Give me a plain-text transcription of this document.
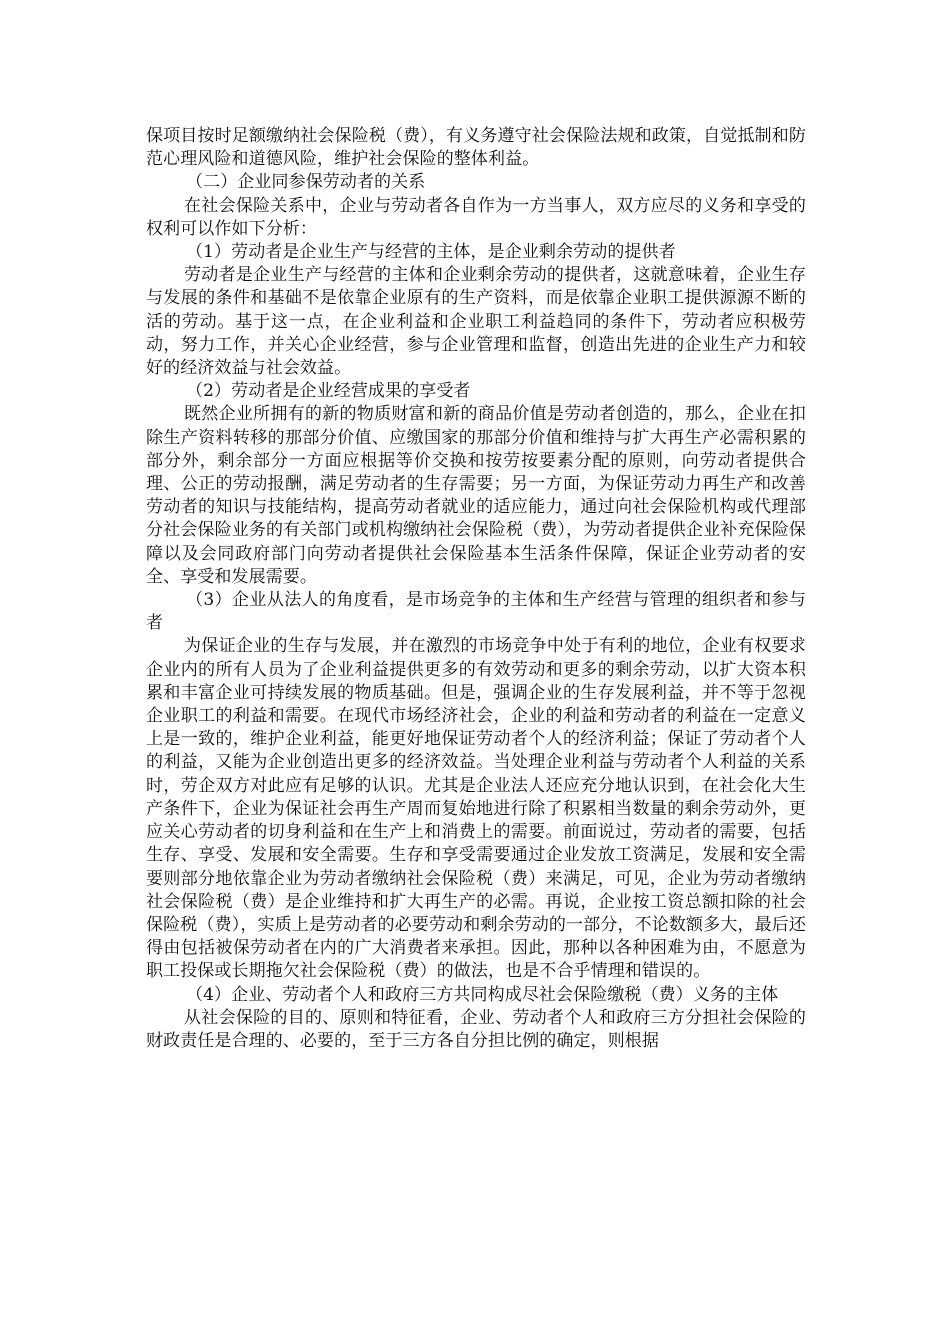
保项目按时足额缴纳社会保险税（费），有义务遵守社会保险法规和政策，自觉抵制和防范心理风险和道德风险，维护社会保险的整体利益。

（二）企业同参保劳动者的关系

在社会保险关系中，企业与劳动者各自作为一方当事人，双方应尽的义务和享受的权利可以作如下分析：

（1）劳动者是企业生产与经营的主体，是企业剩余劳动的提供者

劳动者是企业生产与经营的主体和企业剩余劳动的提供者，这就意味着，企业生存与发展的条件和基础不是依靠企业原有的生产资料，而是依靠企业职工提供源源不断的活的劳动。基于这一点，在企业利益和企业职工利益趋同的条件下，劳动者应积极劳动，努力工作，并关心企业经营，参与企业管理和监督，创造出先进的企业生产力和较好的经济效益与社会效益。

（2）劳动者是企业经营成果的享受者

既然企业所拥有的新的物质财富和新的商品价值是劳动者创造的，那么，企业在扣除生产资料转移的那部分价值、应缴国家的那部分价值和维持与扩大再生产必需积累的部分外，剩余部分一方面应根据等价交换和按劳按要素分配的原则，向劳动者提供合理、公正的劳动报酬，满足劳动者的生存需要；另一方面，为保证劳动力再生产和改善劳动者的知识与技能结构，提高劳动者就业的适应能力，通过向社会保险机构或代理部分社会保险业务的有关部门或机构缴纳社会保险税（费），为劳动者提供企业补充保险保障以及会同政府部门向劳动者提供社会保险基本生活条件保障，保证企业劳动者的安全、享受和发展需要。

（3）企业从法人的角度看，是市场竞争的主体和生产经营与管理的组织者和参与者

为保证企业的生存与发展，并在激烈的市场竞争中处于有利的地位，企业有权要求企业内的所有人员为了企业利益提供更多的有效劳动和更多的剩余劳动，以扩大资本积累和丰富企业可持续发展的物质基础。但是，强调企业的生存发展利益，并不等于忽视企业职工的利益和需要。在现代市场经济社会，企业的利益和劳动者的利益在一定意义上是一致的，维护企业利益，能更好地保证劳动者个人的经济利益；保证了劳动者个人的利益，又能为企业创造出更多的经济效益。当处理企业利益与劳动者个人利益的关系时，劳企双方对此应有足够的认识。尤其是企业法人还应充分地认识到，在社会化大生产条件下，企业为保证社会再生产周而复始地进行除了积累相当数量的剩余劳动外，更应关心劳动者的切身利益和在生产上和消费上的需要。前面说过，劳动者的需要，包括生存、享受、发展和安全需要。生存和享受需要通过企业发放工资满足，发展和安全需要则部分地依靠企业为劳动者缴纳社会保险税（费）来满足，可见，企业为劳动者缴纳社会保险税（费）是企业维持和扩大再生产的必需。再说，企业按工资总额扣除的社会保险税（费），实质上是劳动者的必要劳动和剩余劳动的一部分，不论数额多大，最后还得由包括被保劳动者在内的广大消费者来承担。因此，那种以各种困难为由，不愿意为职工投保或长期拖欠社会保险税（费）的做法，也是不合乎情理和错误的。

（4）企业、劳动者个人和政府三方共同构成尽社会保险缴税（费）义务的主体

从社会保险的目的、原则和特征看，企业、劳动者个人和政府三方分担社会保险的财政责任是合理的、必要的，至于三方各自分担比例的确定，则根据
